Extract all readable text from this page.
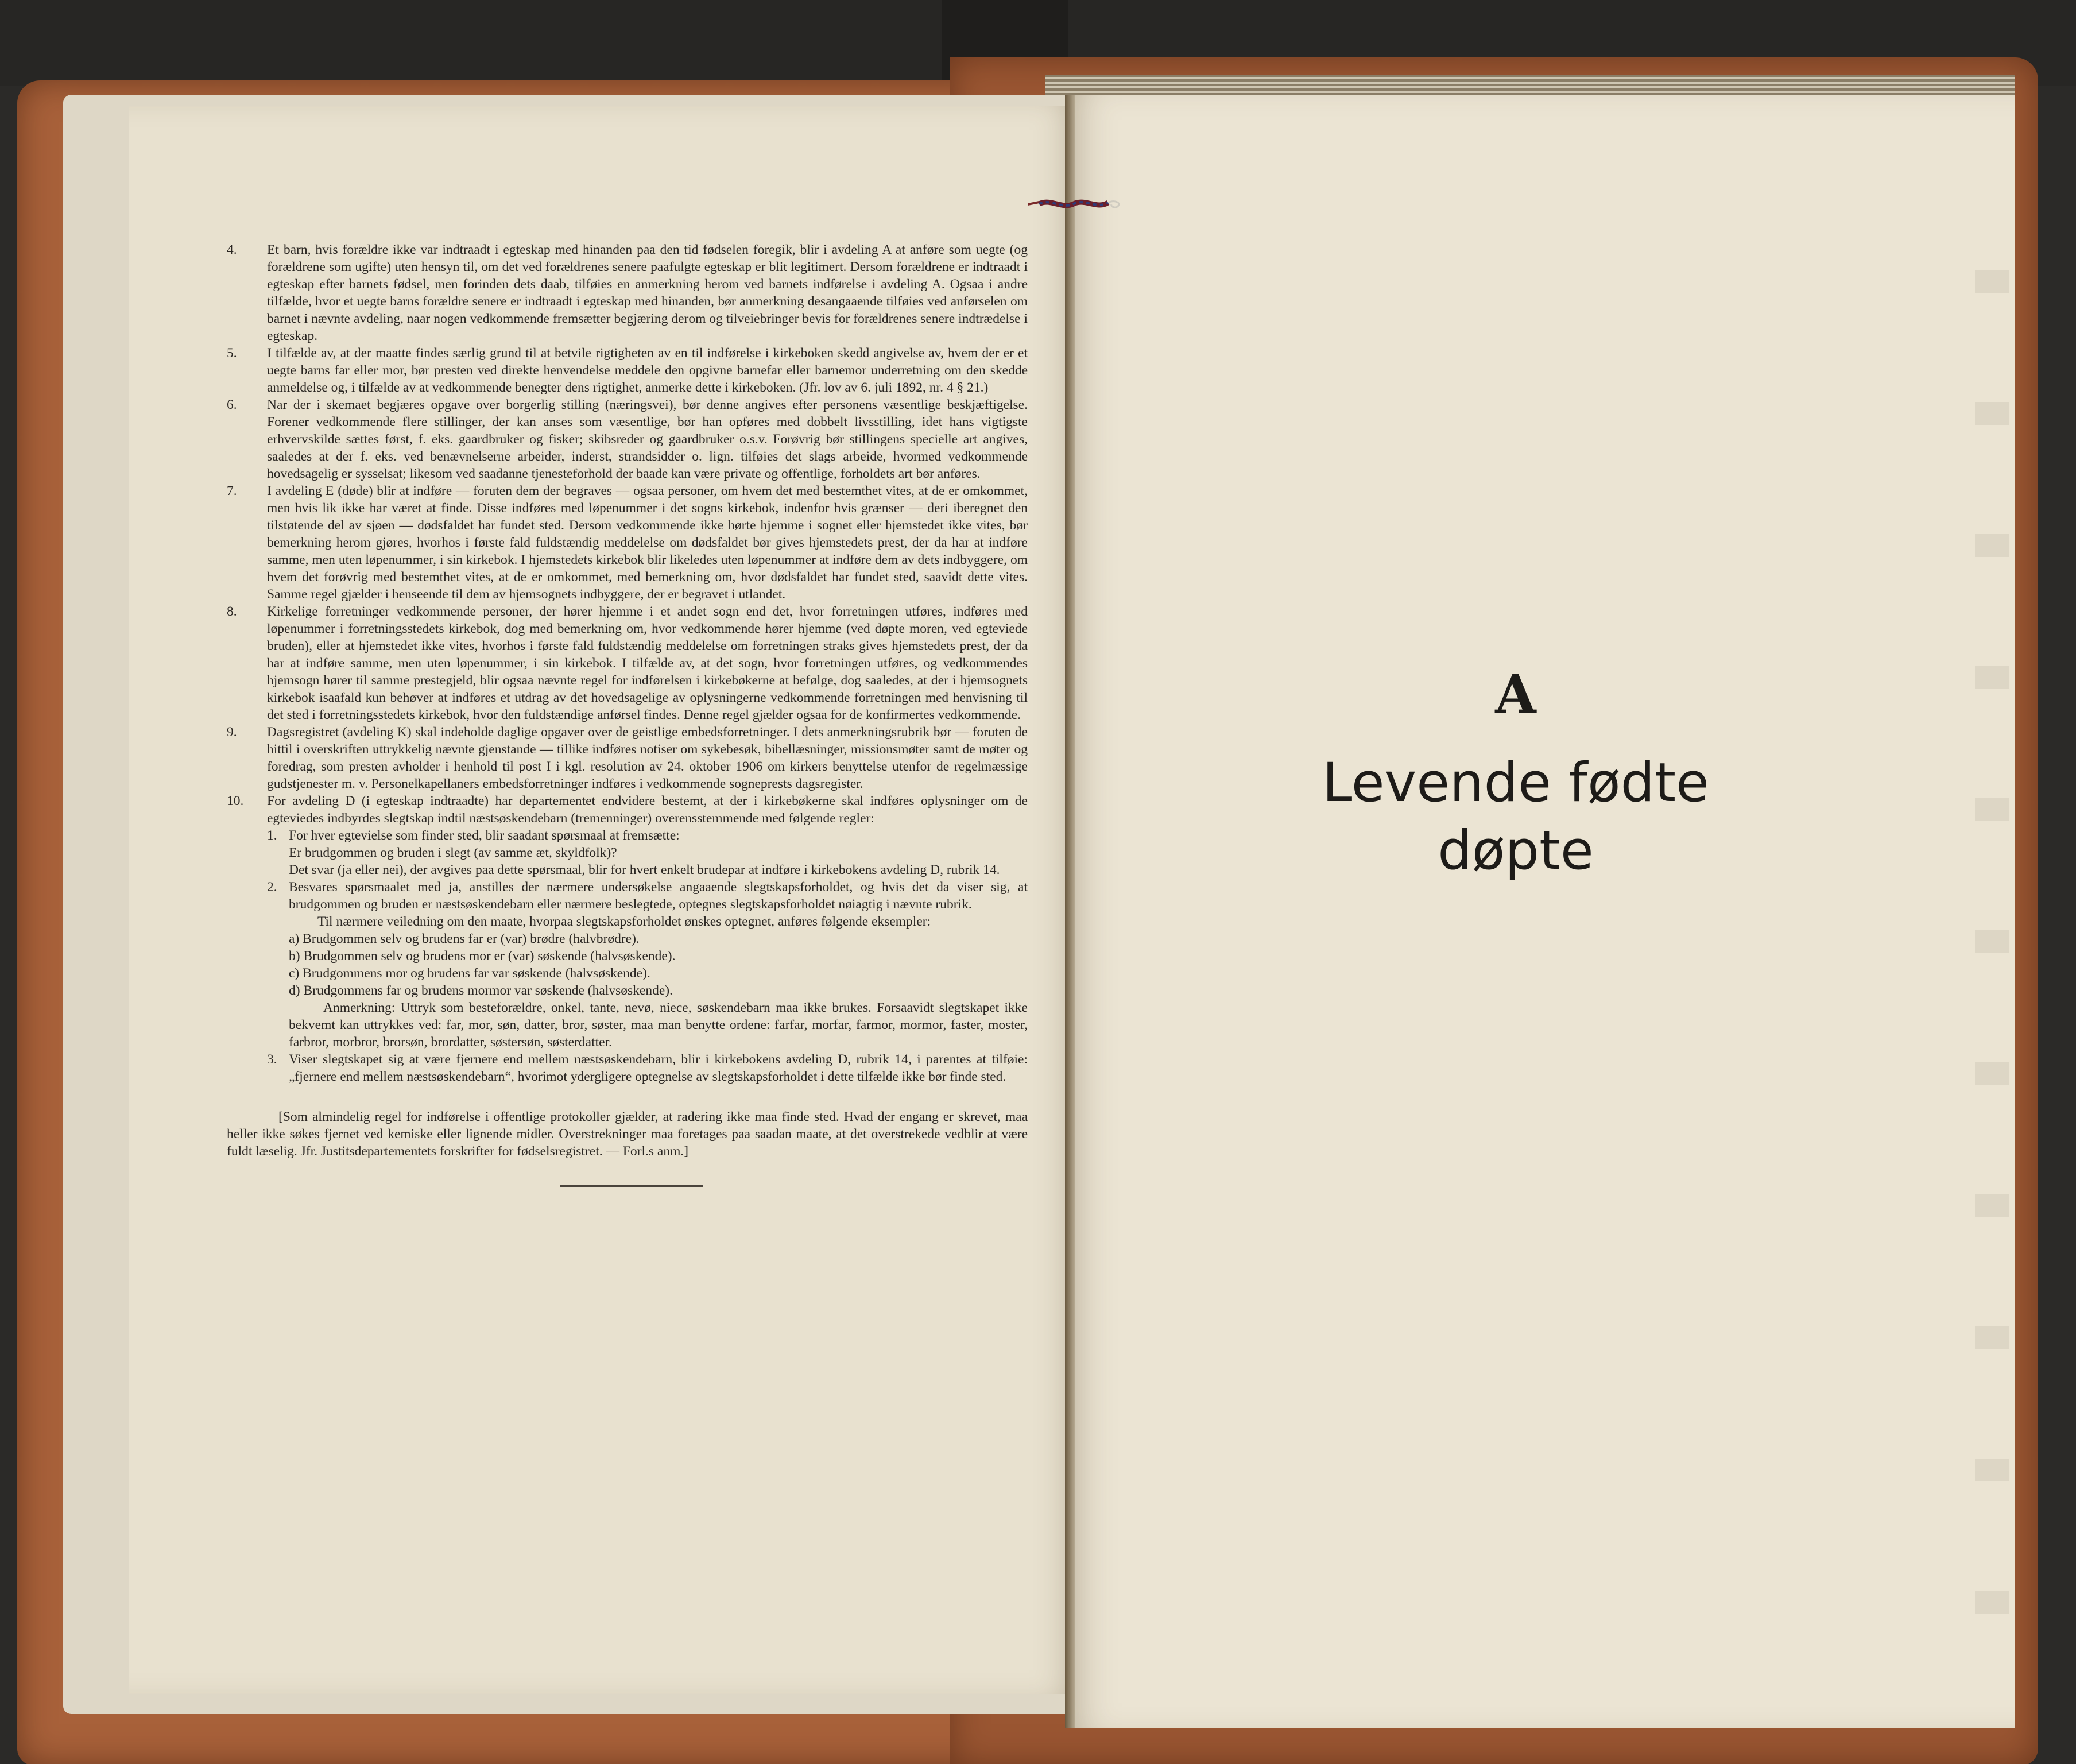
4.	Et barn, hvis forældre ikke var indtraadt i egteskap med hinanden paa den tid fødselen foregik, blir i avdeling A at anføre som uegte (og forældrene som ugifte) uten hensyn til, om det ved forældrenes senere paafulgte egteskap er blit legitimert. Dersom forældrene er indtraadt i egteskap efter barnets fødsel, men forinden dets daab, tilføies en anmerkning herom ved barnets indførelse i avdeling A. Ogsaa i andre tilfælde, hvor et uegte barns forældre senere er indtraadt i egteskap med hinanden, bør anmerkning desangaaende tilføies ved anførselen om barnet i nævnte avdeling, naar nogen vedkommende fremsætter begjæring derom og tilveiebringer bevis for forældrenes senere indtrædelse i egteskap.
5.	I tilfælde av, at der maatte findes særlig grund til at betvile rigtigheten av en til indførelse i kirkeboken skedd angivelse av, hvem der er et uegte barns far eller mor, bør presten ved direkte henvendelse meddele den opgivne barnefar eller barnemor underretning om den skedde anmeldelse og, i tilfælde av at vedkommende benegter dens rigtighet, anmerke dette i kirkeboken. (Jfr. lov av 6. juli 1892, nr. 4 § 21.)
6.	Nar der i skemaet begjæres opgave over borgerlig stilling (næringsvei), bør denne angives efter personens væsentlige beskjæftigelse. Forener vedkommende flere stillinger, der kan anses som væsentlige, bør han opføres med dobbelt livsstilling, idet hans vigtigste erhvervskilde sættes først, f. eks. gaardbruker og fisker; skibsreder og gaardbruker o.s.v. Forøvrig bør stillingens specielle art angives, saaledes at der f. eks. ved benævnelserne arbeider, inderst, strandsidder o. lign. tilføies det slags arbeide, hvormed vedkommende hovedsagelig er sysselsat; likesom ved saadanne tjenesteforhold der baade kan være private og offentlige, forholdets art bør anføres.
7.	I avdeling E (døde) blir at indføre — foruten dem der begraves — ogsaa personer, om hvem det med bestemthet vites, at de er omkommet, men hvis lik ikke har været at finde. Disse indføres med løpenummer i det sogns kirkebok, indenfor hvis grænser — deri iberegnet den tilstøtende del av sjøen — dødsfaldet har fundet sted. Dersom vedkommende ikke hørte hjemme i sognet eller hjemstedet ikke vites, bør bemerkning herom gjøres, hvorhos i første fald fuldstændig meddelelse om dødsfaldet bør gives hjemstedets prest, der da har at indføre samme, men uten løpenummer, i sin kirkebok. I hjemstedets kirkebok blir likeledes uten løpenummer at indføre dem av dets indbyggere, om hvem det forøvrig med bestemthet vites, at de er omkommet, med bemerkning om, hvor dødsfaldet har fundet sted, saavidt dette vites. Samme regel gjælder i henseende til dem av hjemsognets indbyggere, der er begravet i utlandet.
8.	Kirkelige forretninger vedkommende personer, der hører hjemme i et andet sogn end det, hvor forretningen utføres, indføres med løpenummer i forretningsstedets kirkebok, dog med bemerkning om, hvor vedkommende hører hjemme (ved døpte moren, ved egteviede bruden), eller at hjemstedet ikke vites, hvorhos i første fald fuldstændig meddelelse om forretningen straks gives hjemstedets prest, der da har at indføre samme, men uten løpenummer, i sin kirkebok. I tilfælde av, at det sogn, hvor forretningen utføres, og vedkommendes hjemsogn hører til samme prestegjeld, blir ogsaa nævnte regel for indførelsen i kirkebøkerne at befølge, dog saaledes, at der i hjemsognets kirkebok isaafald kun behøver at indføres et utdrag av det hovedsagelige av oplysningerne vedkommende forretningen med henvisning til det sted i forretningsstedets kirkebok, hvor den fuldstændige anførsel findes. Denne regel gjælder ogsaa for de konfirmertes vedkommende.
9.	Dagsregistret (avdeling K) skal indeholde daglige opgaver over de geistlige embedsforretninger. I dets anmerkningsrubrik bør — foruten de hittil i overskriften uttrykkelig nævnte gjenstande — tillike indføres notiser om sykebesøk, bibellæsninger, missionsmøter samt de møter og foredrag, som presten avholder i henhold til post I i kgl. resolution av 24. oktober 1906 om kirkers benyttelse utenfor de regelmæssige gudstjenester m. v. Personelkapellaners embedsforretninger indføres i vedkommende sogneprests dagsregister.
10.	For avdeling D (i egteskap indtraadte) har departementet endvidere bestemt, at der i kirkebøkerne skal indføres oplysninger om de egteviedes indbyrdes slegtskap indtil næstsøskendebarn (tremenninger) overensstemmende med følgende regler:
1. For hver egtevielse som finder sted, blir saadant spørsmaal at fremsætte:
Er brudgommen og bruden i slegt (av samme æt, skyldfolk)?
Det svar (ja eller nei), der avgives paa dette spørsmaal, blir for hvert enkelt brudepar at indføre i kirkebokens avdeling D, rubrik 14.
2. Besvares spørsmaalet med ja, anstilles der nærmere undersøkelse angaaende slegtskapsforholdet, og hvis det da viser sig, at brudgommen og bruden er næstsøskendebarn eller nærmere beslegtede, optegnes slegtskapsforholdet nøiagtig i nævnte rubrik.
Til nærmere veiledning om den maate, hvorpaa slegtskapsforholdet ønskes optegnet, anføres følgende eksempler:
a) Brudgommen selv og brudens far er (var) brødre (halvbrødre).
b) Brudgommen selv og brudens mor er (var) søskende (halvsøskende).
c) Brudgommens mor og brudens far var søskende (halvsøskende).
d) Brudgommens far og brudens mormor var søskende (halvsøskende).
Anmerkning: Uttryk som besteforældre, onkel, tante, nevø, niece, søskendebarn maa ikke brukes. Forsaavidt slegtskapet ikke bekvemt kan uttrykkes ved: far, mor, søn, datter, bror, søster, maa man benytte ordene: farfar, morfar, farmor, mormor, faster, moster, farbror, morbror, brorsøn, brordatter, søstersøn, søsterdatter.
3. Viser slegtskapet sig at være fjernere end mellem næstsøskendebarn, blir i kirkebokens avdeling D, rubrik 14, i parentes at tilføie: „fjernere end mellem næstsøskendebarn“, hvorimot ydergligere optegnelse av slegtskapsforholdet i dette tilfælde ikke bør finde sted.
[Som almindelig regel for indførelse i offentlige protokoller gjælder, at radering ikke maa finde sted. Hvad der engang er skrevet, maa heller ikke søkes fjernet ved kemiske eller lignende midler. Overstrekninger maa foretages paa saadan maate, at det overstrekede vedblir at være fuldt læselig. Jfr. Justitsdepartementets forskrifter for fødselsregistret. — Forl.s anm.]
A
Levende fødte
døpte
